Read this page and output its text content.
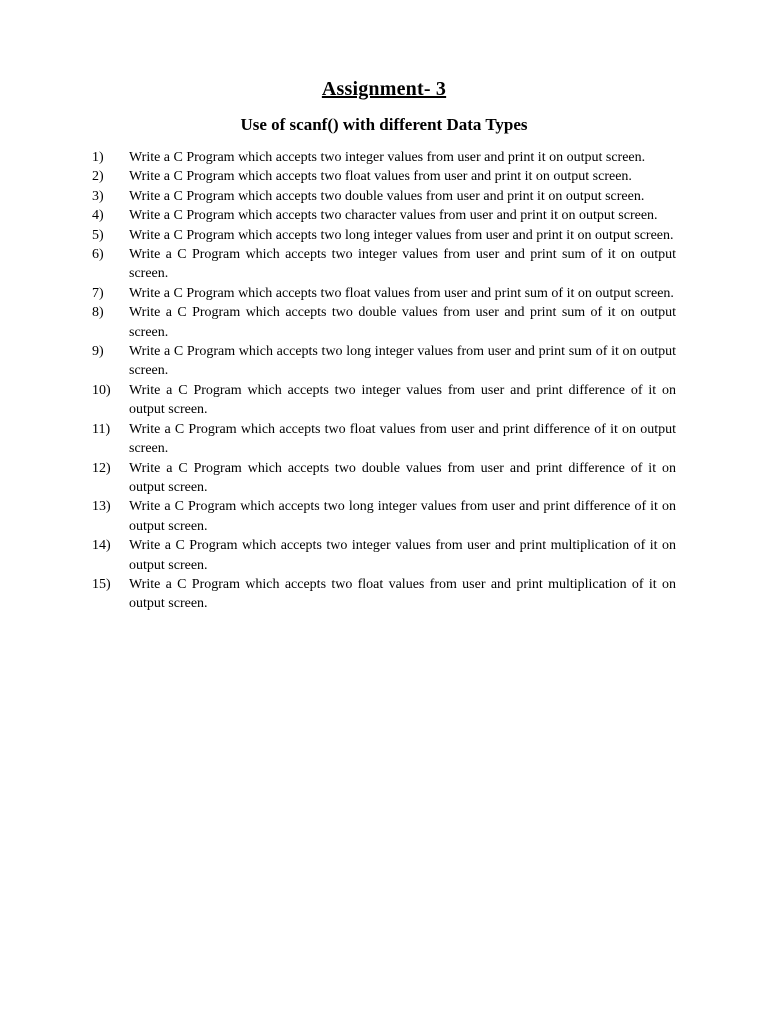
Assignment- 3
Use of scanf() with different Data Types
1)	Write a C Program which accepts two integer values from user and print it on output screen.
2)	Write a C Program which accepts two float values from user and print it on output screen.
3)	Write a C Program which accepts two double values from user and print it on output screen.
4)	Write a C Program which accepts two character values from user and print it on output screen.
5)	Write a C Program which accepts two long integer values from user and print it on output screen.
6)	Write a C Program which accepts two integer values from user and print sum of it on output screen.
7)	Write a C Program which accepts two float values from user and print sum of it on output screen.
8)	Write a C Program which accepts two double values from user and print sum of it on output screen.
9)	Write a C Program which accepts two long integer values from user and print sum of it on output screen.
10)	Write a C Program which accepts two integer values from user and print difference of it on output screen.
11)	Write a C Program which accepts two float values from user and print difference of it on output screen.
12)	Write a C Program which accepts two double values from user and print difference of it on output screen.
13)	Write a C Program which accepts two long integer values from user and print difference of it on output screen.
14)	Write a C Program which accepts two integer values from user and print multiplication of it on output screen.
15)	Write a C Program which accepts two float values from user and print multiplication of it on output screen.
